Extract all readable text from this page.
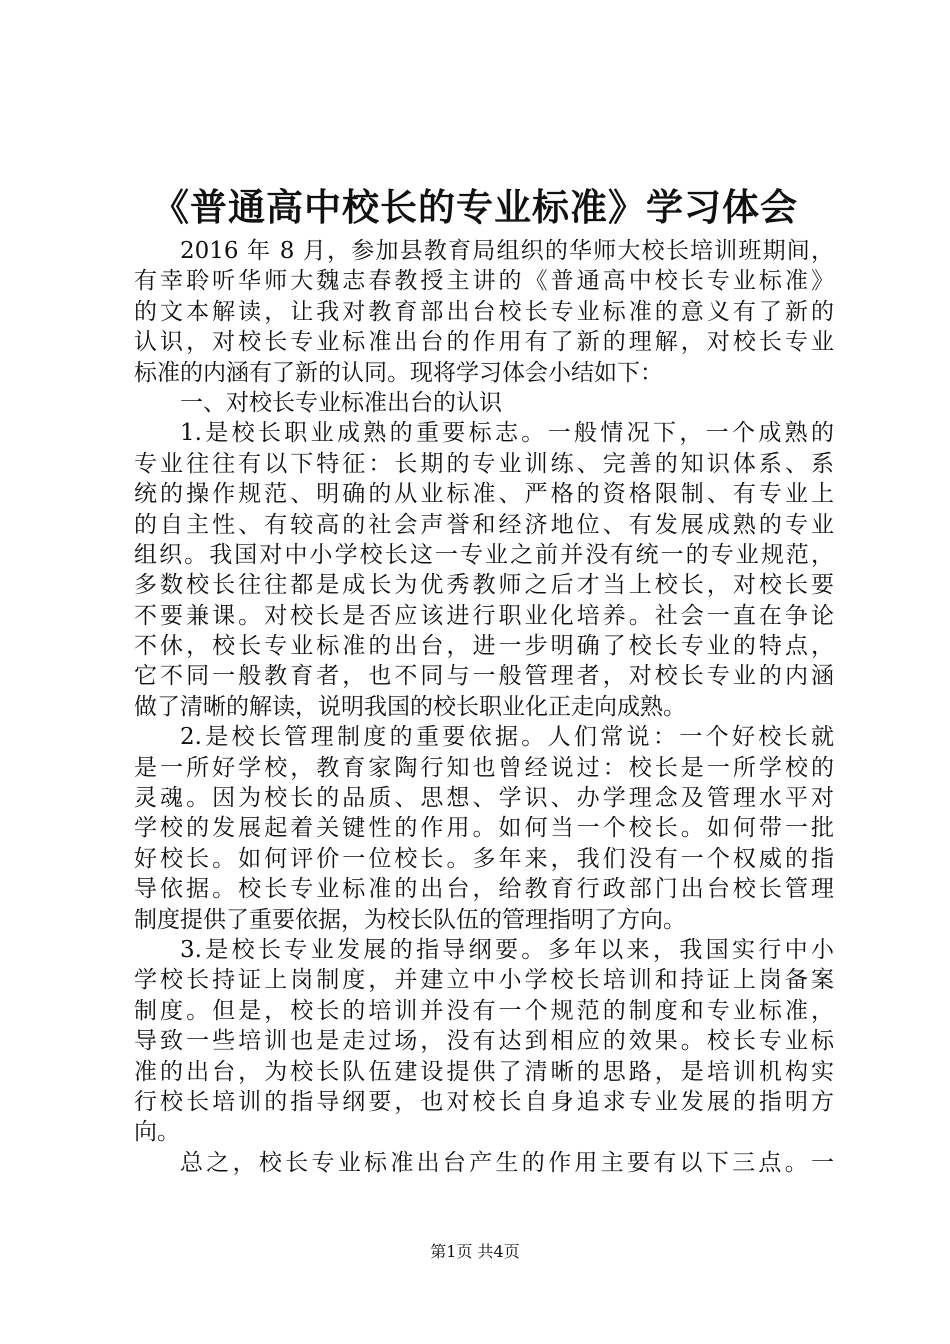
《普通高中校长的专业标准》学习体会
2016 年 8 月，参加县教育局组织的华师大校长培训班期间，
有幸聆听华师大魏志春教授主讲的《普通高中校长专业标准》
的文本解读，让我对教育部出台校长专业标准的意义有了新的
认识，对校长专业标准出台的作用有了新的理解，对校长专业
标准的内涵有了新的认同。现将学习体会小结如下：
一、对校长专业标准出台的认识
1.是校长职业成熟的重要标志。一般情况下，一个成熟的
专业往往有以下特征：长期的专业训练、完善的知识体系、系
统的操作规范、明确的从业标准、严格的资格限制、有专业上
的自主性、有较高的社会声誉和经济地位、有发展成熟的专业
组织。我国对中小学校长这一专业之前并没有统一的专业规范，
多数校长往往都是成长为优秀教师之后才当上校长，对校长要
不要兼课。对校长是否应该进行职业化培养。社会一直在争论
不休，校长专业标准的出台，进一步明确了校长专业的特点，
它不同一般教育者，也不同与一般管理者，对校长专业的内涵
做了清晰的解读，说明我国的校长职业化正走向成熟。
2.是校长管理制度的重要依据。人们常说：一个好校长就
是一所好学校，教育家陶行知也曾经说过：校长是一所学校的
灵魂。因为校长的品质、思想、学识、办学理念及管理水平对
学校的发展起着关键性的作用。如何当一个校长。如何带一批
好校长。如何评价一位校长。多年来，我们没有一个权威的指
导依据。校长专业标准的出台，给教育行政部门出台校长管理
制度提供了重要依据，为校长队伍的管理指明了方向。
3.是校长专业发展的指导纲要。多年以来，我国实行中小
学校长持证上岗制度，并建立中小学校长培训和持证上岗备案
制度。但是，校长的培训并没有一个规范的制度和专业标准，
导致一些培训也是走过场，没有达到相应的效果。校长专业标
准的出台，为校长队伍建设提供了清晰的思路，是培训机构实
行校长培训的指导纲要，也对校长自身追求专业发展的指明方
向。
总之，校长专业标准出台产生的作用主要有以下三点。一
第1页 共4页
